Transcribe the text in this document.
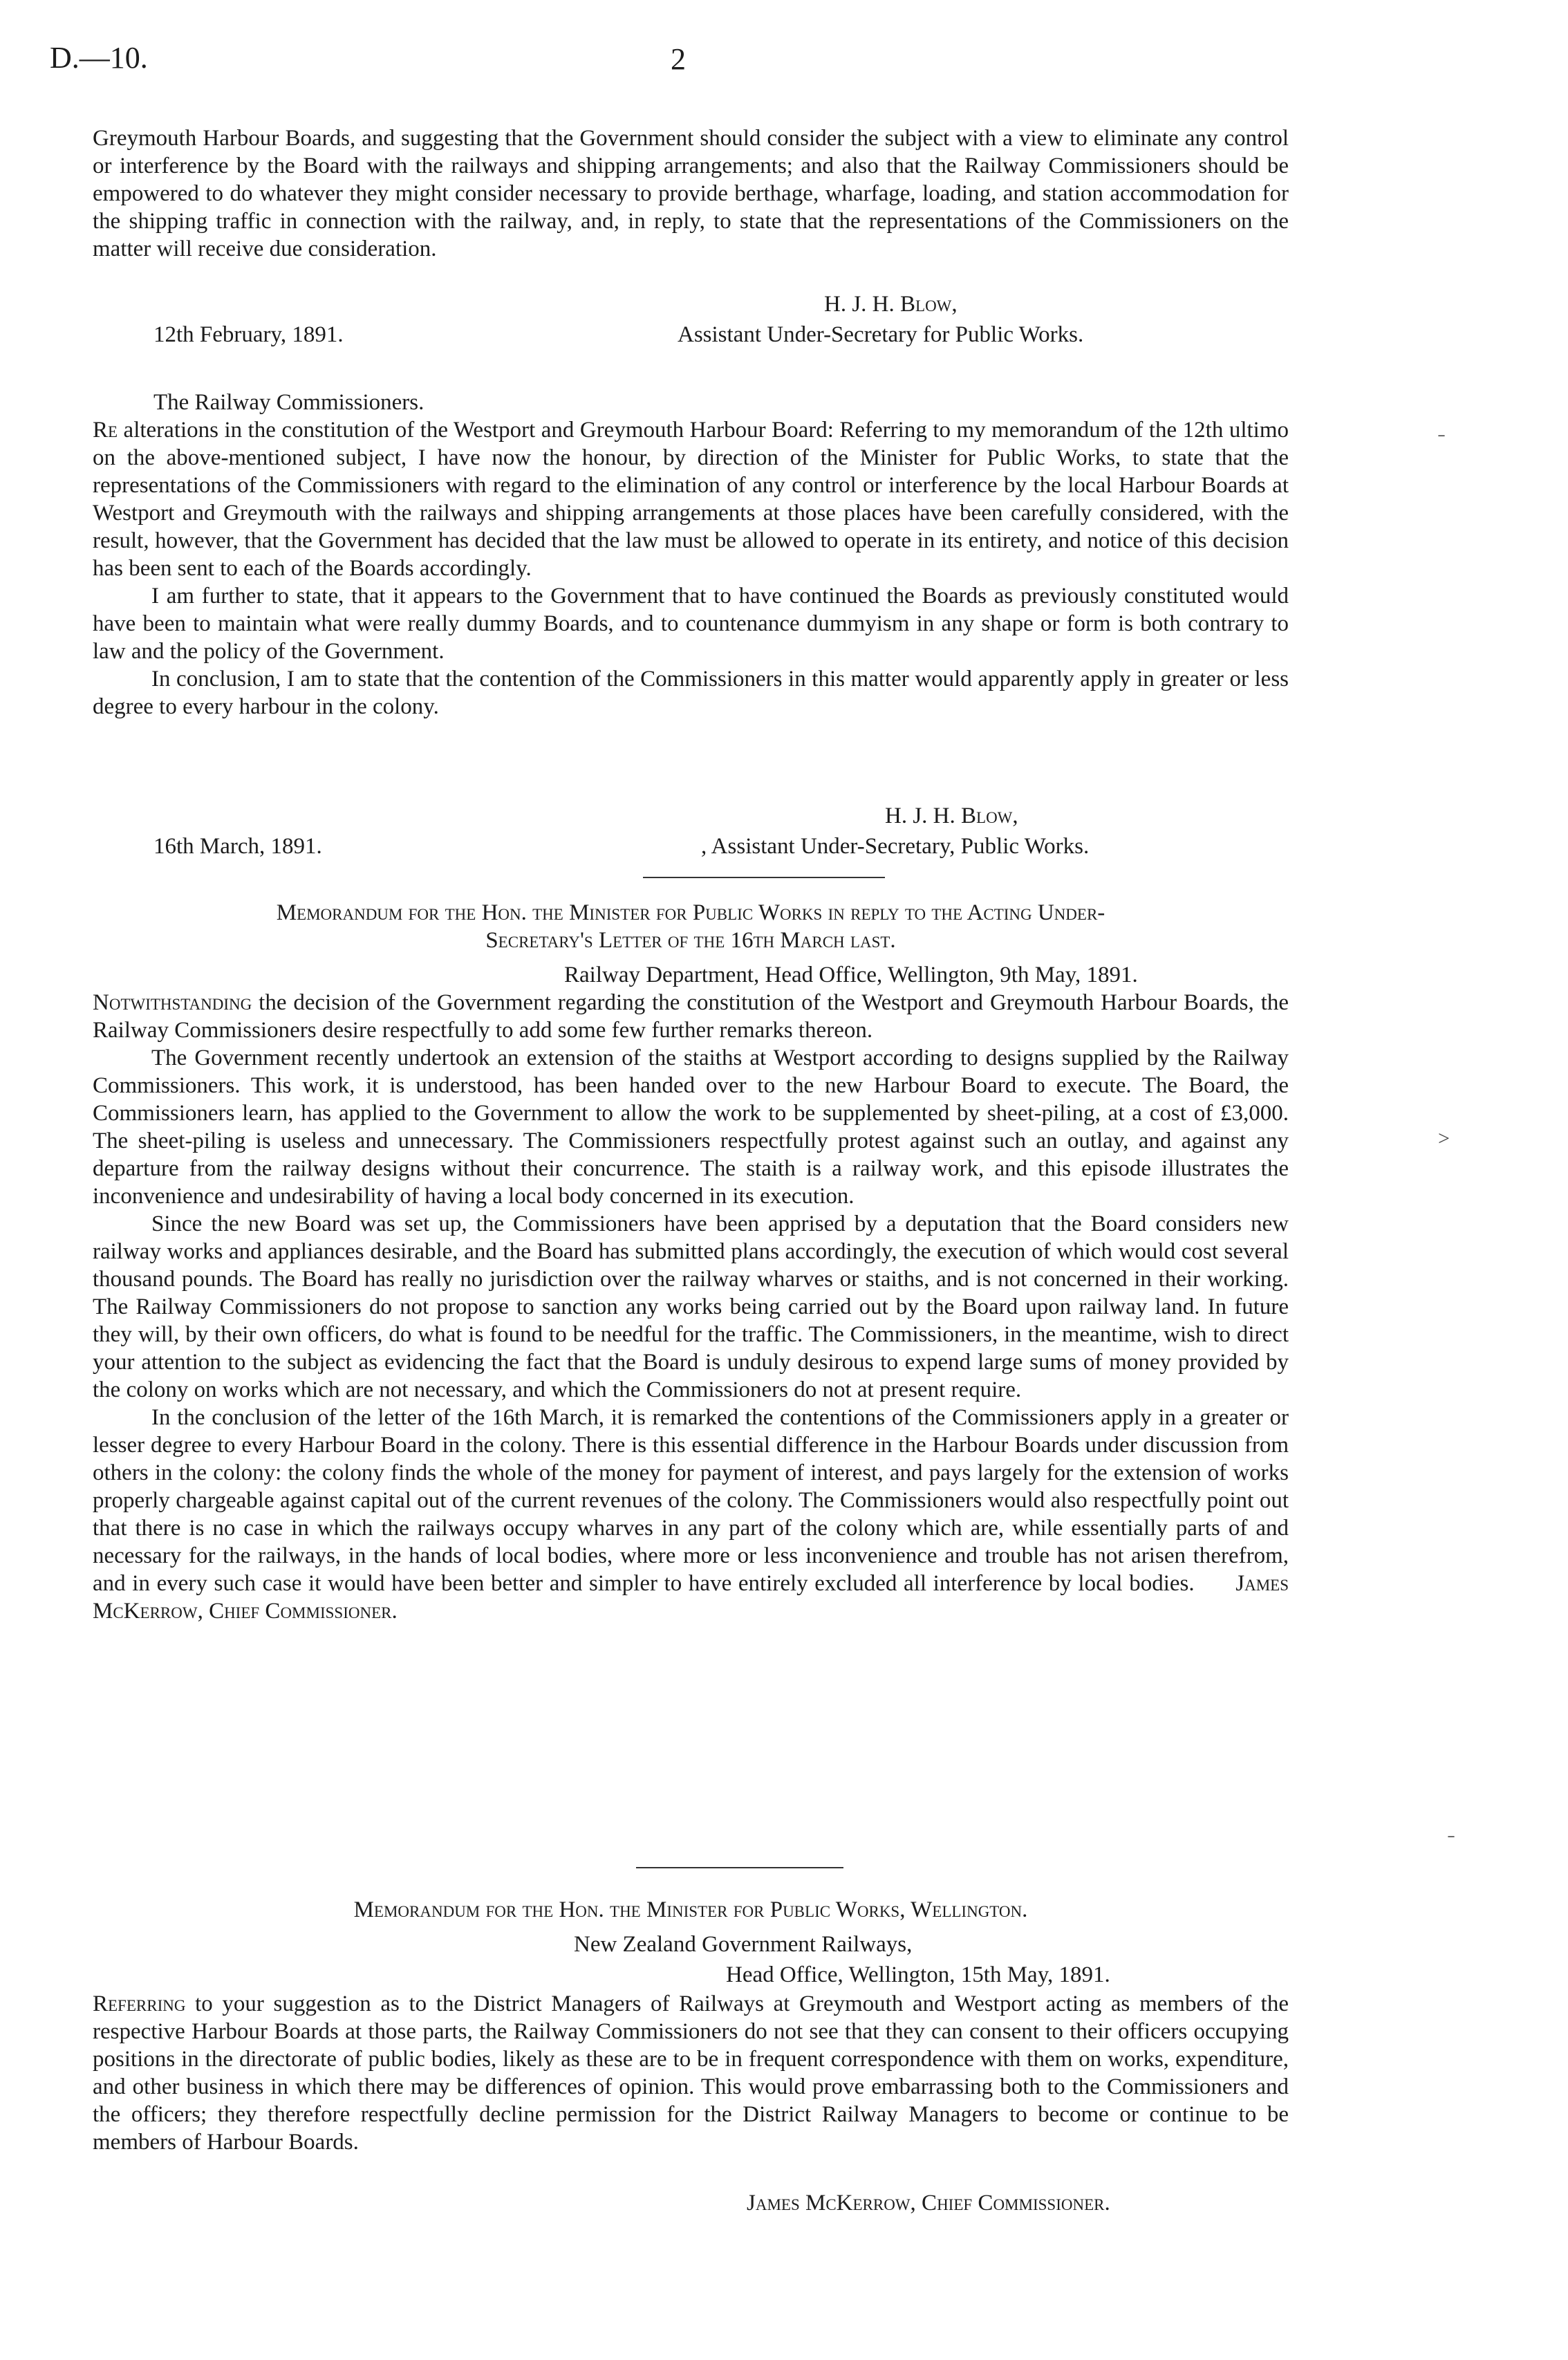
D.—10.	2

Greymouth Harbour Boards, and suggesting that the Government should consider the subject with a view to eliminate any control or interference by the Board with the railways and shipping arrangements; and also that the Railway Commissioners should be empowered to do whatever they might consider necessary to provide berthage, wharfage, loading, and station accommodation for the shipping traffic in connection with the railway, and, in reply, to state that the representations of the Commissioners on the matter will receive due consideration.

H. J. H. Blow,
12th February, 1891.	Assistant Under-Secretary for Public Works.
The Railway Commissioners.

Re alterations in the constitution of the Westport and Greymouth Harbour Board: Referring to my memorandum of the 12th ultimo on the above-mentioned subject, I have now the honour, by direction of the Minister for Public Works, to state that the representations of the Commissioners with regard to the elimination of any control or interference by the local Harbour Boards at Westport and Greymouth with the railways and shipping arrangements at those places have been carefully considered, with the result, however, that the Government has decided that the law must be allowed to operate in its entirety, and notice of this decision has been sent to each of the Boards accordingly.

I am further to state, that it appears to the Government that to have continued the Boards as previously constituted would have been to maintain what were really dummy Boards, and to countenance dummyism in any shape or form is both contrary to law and the policy of the Government.

In conclusion, I am to state that the contention of the Commissioners in this matter would apparently apply in greater or less degree to every harbour in the colony.

H. J. H. Blow,
16th March, 1891.	, Assistant Under-Secretary, Public Works.
Memorandum for the Hon. the Minister for Public Works in reply to the Acting Under-
Secretary's Letter of the 16th March last.
Railway Department, Head Office, Wellington, 9th May, 1891.

Notwithstanding the decision of the Government regarding the constitution of the Westport and Greymouth Harbour Boards, the Railway Commissioners desire respectfully to add some few further remarks thereon.

The Government recently undertook an extension of the staiths at Westport according to designs supplied by the Railway Commissioners. This work, it is understood, has been handed over to the new Harbour Board to execute. The Board, the Commissioners learn, has applied to the Government to allow the work to be supplemented by sheet-piling, at a cost of £3,000. The sheet-piling is useless and unnecessary. The Commissioners respectfully protest against such an outlay, and against any departure from the railway designs without their concurrence. The staith is a railway work, and this episode illustrates the inconvenience and undesirability of having a local body concerned in its execution.

Since the new Board was set up, the Commissioners have been apprised by a deputation that the Board considers new railway works and appliances desirable, and the Board has submitted plans accordingly, the execution of which would cost several thousand pounds. The Board has really no jurisdiction over the railway wharves or staiths, and is not concerned in their working. The Railway Commissioners do not propose to sanction any works being carried out by the Board upon railway land. In future they will, by their own officers, do what is found to be needful for the traffic. The Commissioners, in the meantime, wish to direct your attention to the subject as evidencing the fact that the Board is unduly desirous to expend large sums of money provided by the colony on works which are not necessary, and which the Commissioners do not at present require.

In the conclusion of the letter of the 16th March, it is remarked the contentions of the Commissioners apply in a greater or lesser degree to every Harbour Board in the colony. There is this essential difference in the Harbour Boards under discussion from others in the colony: the colony finds the whole of the money for payment of interest, and pays largely for the extension of works properly chargeable against capital out of the current revenues of the colony. The Commissioners would also respectfully point out that there is no case in which the railways occupy wharves in any part of the colony which are, while essentially parts of and necessary for the railways, in the hands of local bodies, where more or less inconvenience and trouble has not arisen therefrom, and in every such case it would have been better and simpler to have entirely excluded all interference by local bodies. James McKerrow, Chief Commissioner.

Memorandum for the Hon. the Minister for Public Works, Wellington.
New Zealand Government Railways,
Head Office, Wellington, 15th May, 1891.

Referring to your suggestion as to the District Managers of Railways at Greymouth and Westport acting as members of the respective Harbour Boards at those parts, the Railway Commissioners do not see that they can consent to their officers occupying positions in the directorate of public bodies, likely as these are to be in frequent correspondence with them on works, expenditure, and other business in which there may be differences of opinion. This would prove embarrassing both to the Commissioners and the officers; they therefore respectfully decline permission for the District Railway Managers to become or continue to be members of Harbour Boards.

James McKerrow, Chief Commissioner.
˗
˃
˗
